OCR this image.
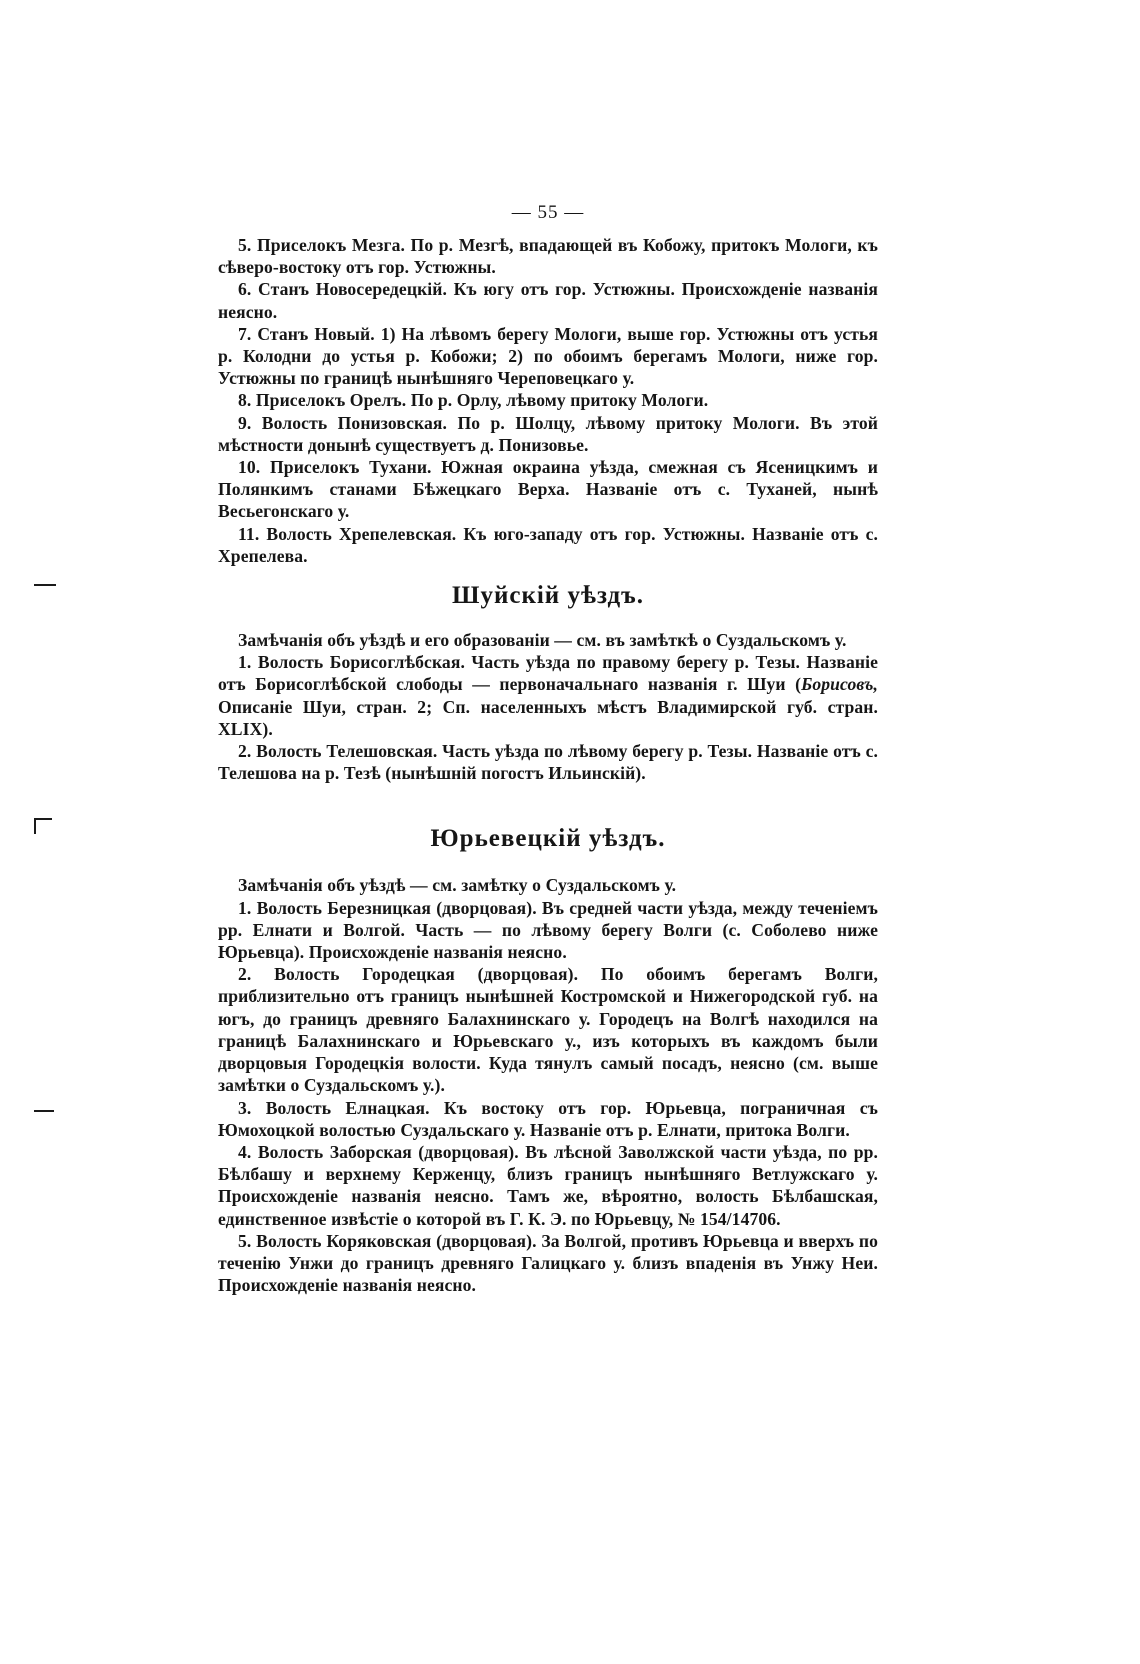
— 55 —

5. Приселокъ Мезга. По р. Мезгѣ, впадающей въ Кобожу, притокъ Мологи, къ сѣверо-востоку отъ гор. Устюжны.

6. Станъ Новосередецкій. Къ югу отъ гор. Устюжны. Происхожденіе названія неясно.

7. Станъ Новый. 1) На лѣвомъ берегу Мологи, выше гор. Устюжны отъ устья р. Колодни до устья р. Кобожи; 2) по обоимъ берегамъ Мологи, ниже гор. Устюжны по границѣ нынѣшняго Череповецкаго у.

8. Приселокъ Орелъ. По р. Орлу, лѣвому притоку Мологи.

9. Волость Понизовская. По р. Шолцу, лѣвому притоку Мологи. Въ этой мѣстности донынѣ существуетъ д. Понизовье.

10. Приселокъ Тухани. Южная окраина уѣзда, смежная съ Ясеницкимъ и Полянкимъ станами Бѣжецкаго Верха. Названіе отъ с. Туханей, нынѣ Весьегонскаго у.

11. Волость Хрепелевская. Къ юго-западу отъ гор. Устюжны. Названіе отъ с. Хрепелева.

Шуйскій уѣздъ.

Замѣчанія объ уѣздѣ и его образованіи — см. въ замѣткѣ о Суздальскомъ у.

1. Волость Борисоглѣбская. Часть уѣзда по правому берегу р. Тезы. Названіе отъ Борисоглѣбской слободы — первоначальнаго названія г. Шуи (Борисовъ, Описаніе Шуи, стран. 2; Сп. населенныхъ мѣстъ Владимирской губ. стран. XLIX).

2. Волость Телешовская. Часть уѣзда по лѣвому берегу р. Тезы. Названіе отъ с. Телешова на р. Тезѣ (нынѣшній погостъ Ильинскій).

Юрьевецкій уѣздъ.

Замѣчанія объ уѣздѣ — см. замѣтку о Суздальскомъ у.

1. Волость Березницкая (дворцовая). Въ средней части уѣзда, между теченіемъ рр. Елнати и Волгой. Часть — по лѣвому берегу Волги (с. Соболево ниже Юрьевца). Происхожденіе названія неясно.

2. Волость Городецкая (дворцовая). По обоимъ берегамъ Волги, приблизительно отъ границъ нынѣшней Костромской и Нижегородской губ. на югъ, до границъ древняго Балахнинскаго у. Городецъ на Волгѣ находился на границѣ Балахнинскаго и Юрьевскаго у., изъ которыхъ въ каждомъ были дворцовыя Городецкія волости. Куда тянулъ самый посадъ, неясно (см. выше замѣтки о Суздальскомъ у.).

3. Волость Елнацкая. Къ востоку отъ гор. Юрьевца, пограничная съ Юмохоцкой волостью Суздальскаго у. Названіе отъ р. Елнати, притока Волги.

4. Волость Заборская (дворцовая). Въ лѣсной Заволжской части уѣзда, по рр. Бѣлбашу и верхнему Керженцу, близъ границъ нынѣшняго Ветлужскаго у. Происхожденіе названія неясно. Тамъ же, вѣроятно, волость Бѣлбашская, единственное извѣстіе о которой въ Г. К. Э. по Юрьевцу, № 154/14706.

5. Волость Коряковская (дворцовая). За Волгой, противъ Юрьевца и вверхъ по теченію Унжи до границъ древняго Галицкаго у. близъ впаденія въ Унжу Неи. Происхожденіе названія неясно.
